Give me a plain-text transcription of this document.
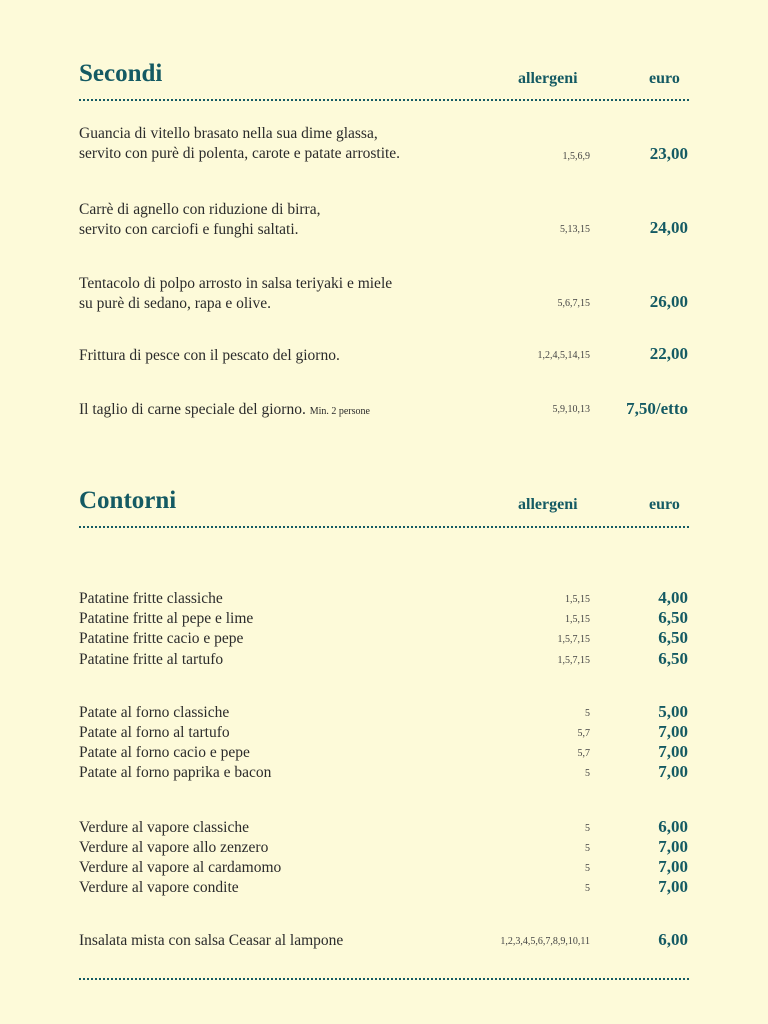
Secondi	allergeni	euro
Guancia di vitello brasato nella sua dime glassa,
servito con purè di polenta, carote e patate arrostite.	1,5,6,9	23,00
Carrè di agnello con riduzione di birra,
servito con carciofi e funghi saltati.	5,13,15	24,00
Tentacolo di polpo arrosto in salsa teriyaki e miele
su purè di sedano, rapa e olive.	5,6,7,15	26,00
Frittura di pesce con il pescato del giorno.	1,2,4,5,14,15	22,00
Il taglio di carne speciale del giorno. Min. 2 persone	5,9,10,13 7,50/etto
Contorni	allergeni	euro
Patatine fritte classiche	1,5,15	4,00
Patatine fritte al pepe e lime	1,5,15	6,50
Patatine fritte cacio e pepe	1,5,7,15	6,50
Patatine fritte al tartufo	1,5,7,15	6,50
Patate al forno classiche	5	5,00
Patate al forno al tartufo	5,7	7,00
Patate al forno cacio e pepe	5,7	7,00
Patate al forno paprika e bacon	5	7,00
Verdure al vapore classiche	5	6,00
Verdure al vapore allo zenzero	5	7,00
Verdure al vapore al cardamomo	5	7,00
Verdure al vapore condite	5	7,00
Insalata mista con salsa Ceasar al lampone	1,2,3,4,5,6,7,8,9,10,11	6,00
